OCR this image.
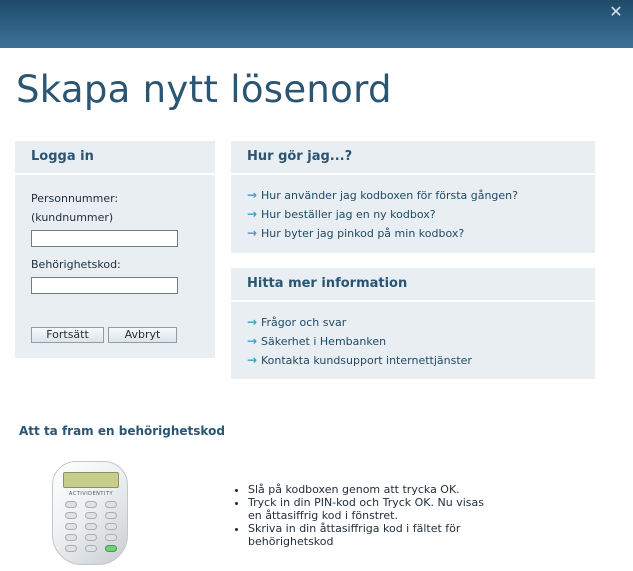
✕
Skapa nytt lösenord
Logga in
Personnummer:
(kundnummer)
Behörighetskod:
Fortsätt	Avbryt
Hur gör jag...?
→ Hur använder jag kodboxen för första gången?
→ Hur beställer jag en ny kodbox?
→ Hur byter jag pinkod på min kodbox?
Hitta mer information
→ Frågor och svar
→ Säkerhet i Hembanken
→ Kontakta kundsupport internettjänster
Att ta fram en behörighetskod
ACTIVIDENTITY
•	Slå på kodboxen genom att trycka OK.
• Tryck in din PIN-kod och Tryck OK. Nu visas en åttasiffrig kod i fönstret.
• Skriva in din åttasiffriga kod i fältet för behörighetskod
